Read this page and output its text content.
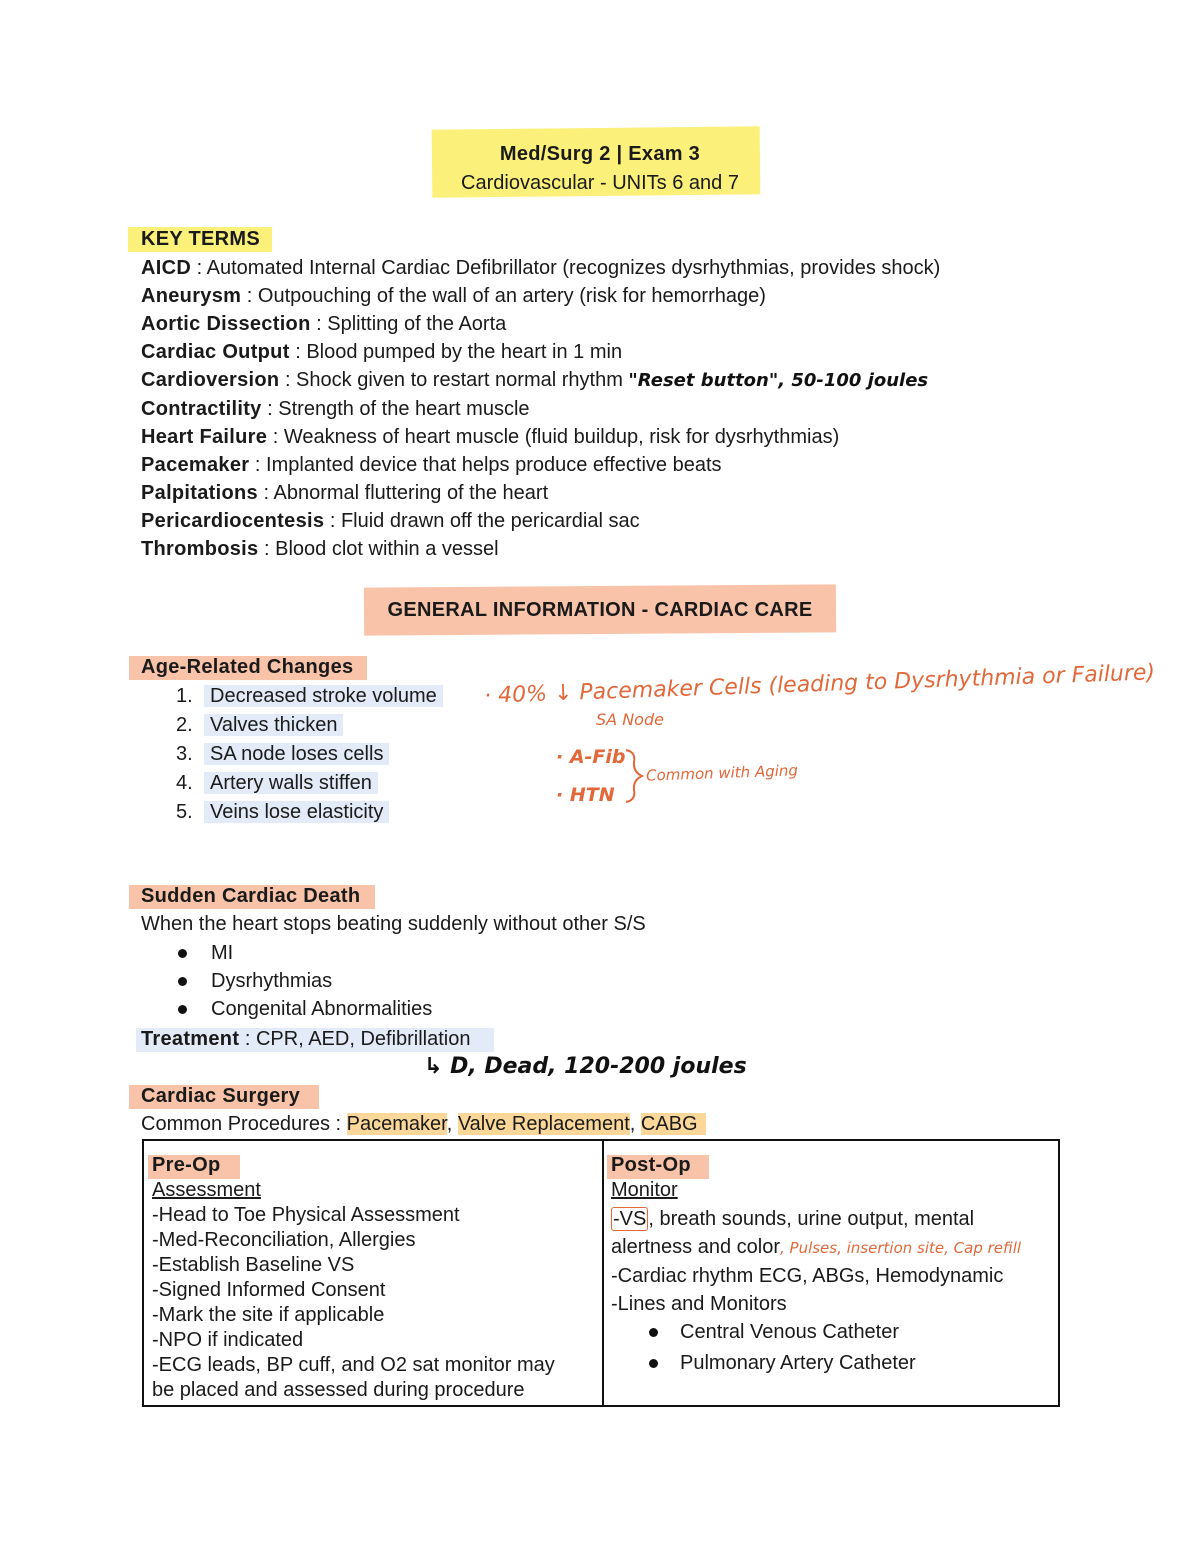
Med/Surg 2 | Exam 3
Cardiovascular - UNITs 6 and 7
KEY TERMS
AICD : Automated Internal Cardiac Defibrillator (recognizes dysrhythmias, provides shock)
Aneurysm : Outpouching of the wall of an artery (risk for hemorrhage)
Aortic Dissection : Splitting of the Aorta
Cardiac Output : Blood pumped by the heart in 1 min
Cardioversion : Shock given to restart normal rhythm "Reset button", 50-100 joules
Contractility : Strength of the heart muscle
Heart Failure : Weakness of heart muscle (fluid buildup, risk for dysrhythmias)
Pacemaker : Implanted device that helps produce effective beats
Palpitations : Abnormal fluttering of the heart
Pericardiocentesis : Fluid drawn off the pericardial sac
Thrombosis : Blood clot within a vessel
GENERAL INFORMATION - CARDIAC CARE
Age-Related Changes
1. Decreased stroke volume
2. Valves thicken
3. SA node loses cells
4. Artery walls stiffen
5. Veins lose elasticity
· 40% ↓ Pacemaker Cells (leading to Dysrhythmia or Failure)
SA Node
· A-Fib
· HTN
Common with Aging
Sudden Cardiac Death
When the heart stops beating suddenly without other S/S
MI
Dysrhythmias
Congenital Abnormalities
Treatment : CPR, AED, Defibrillation
↳ D, Dead, 120-200 joules
Cardiac Surgery
Common Procedures : Pacemaker, Valve Replacement, CABG
Pre-Op
Assessment
-Head to Toe Physical Assessment
-Med-Reconciliation, Allergies
-Establish Baseline VS
-Signed Informed Consent
-Mark the site if applicable
-NPO if indicated
-ECG leads, BP cuff, and O2 sat monitor may
be placed and assessed during procedure
Post-Op
Monitor
-VS , breath sounds, urine output, mental
alertness and color, Pulses, insertion site, Cap refill
-Cardiac rhythm ECG, ABGs, Hemodynamic
-Lines and Monitors
Central Venous Catheter
Pulmonary Artery Catheter
